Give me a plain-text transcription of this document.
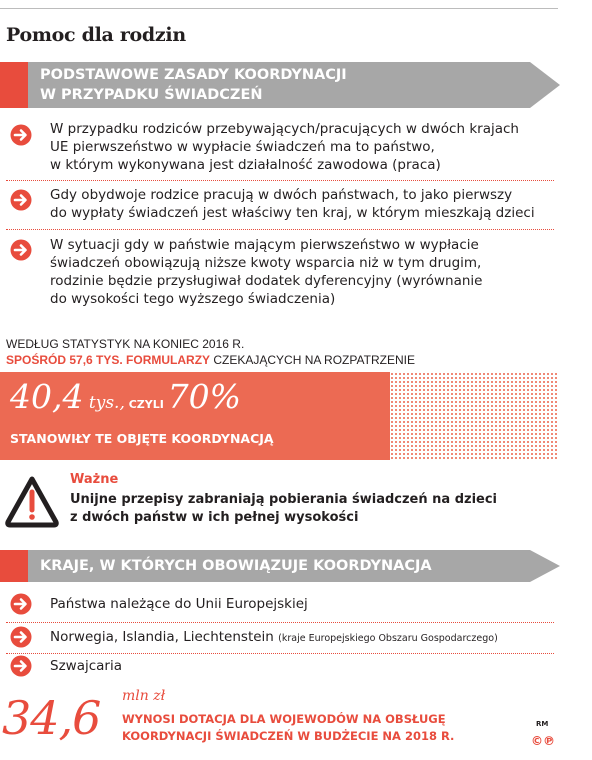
Pomoc dla rodzin
PODSTAWOWE ZASADY KOORDYNACJI
W PRZYPADKU ŚWIADCZEŃ
W przypadku rodziców przebywających/pracujących w dwóch krajach
UE pierwszeństwo w wypłacie świadczeń ma to państwo,
w którym wykonywana jest działalność zawodowa (praca)
Gdy obydwoje rodzice pracują w dwóch państwach, to jako pierwszy
do wypłaty świadczeń jest właściwy ten kraj, w którym mieszkają dzieci
W sytuacji gdy w państwie mającym pierwszeństwo w wypłacie
świadczeń obowiązują niższe kwoty wsparcia niż w tym drugim,
rodzinie będzie przysługiwał dodatek dyferencyjny (wyrównanie
do wysokości tego wyższego świadczenia)
WEDŁUG STATYSTYK NA KONIEC 2016 R.
SPOŚRÓD 57,6 TYS. FORMULARZY CZEKAJĄCYCH NA ROZPATRZENIE
40,4 tys., CZYLI 70%
STANOWIŁY TE OBJĘTE KOORDYNACJĄ
Ważne
Unijne przepisy zabraniają pobierania świadczeń na dzieci
z dwóch państw w ich pełnej wysokości
KRAJE, W KTÓRYCH OBOWIĄZUJE KOORDYNACJA
Państwa należące do Unii Europejskiej
Norwegia, Islandia, Liechtenstein (kraje Europejskiego Obszaru Gospodarczego)
Szwajcaria
34,6 mln zł
WYNOSI DOTACJA DLA WOJEWODÓW NA OBSŁUGĘ
KOORDYNACJI ŚWIADCZEŃ W BUDŻECIE NA 2018 R.
RM
©℗
